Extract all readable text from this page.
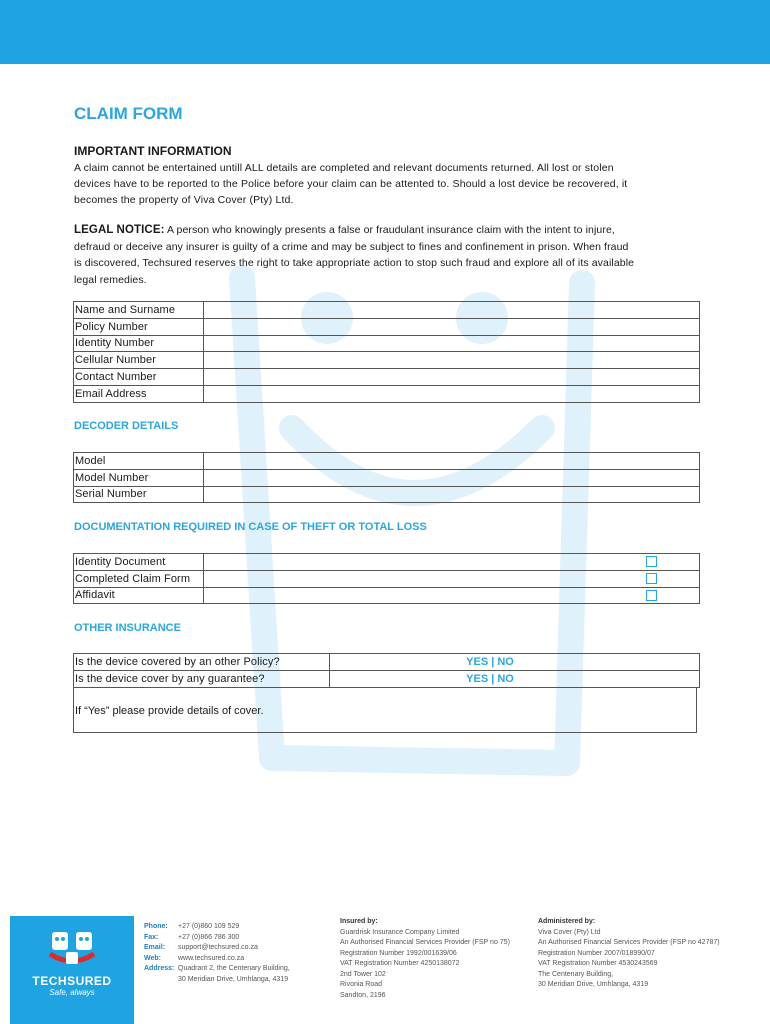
CLAIM FORM
IMPORTANT INFORMATION
A claim cannot be entertained untill ALL details are completed and relevant documents returned. All lost or stolen
devices have to be reported to the Police before your claim can be attented to. Should a lost device be recovered, it
becomes the property of Viva Cover (Pty) Ltd.
LEGAL NOTICE: A person who knowingly presents a false or fraudulant insurance claim with the intent to injure,
defraud or deceive any insurer is guilty of a crime and may be subject to fines and confinement in prison. When fraud
is discovered, Techsured reserves the right to take appropriate action to stop such fraud and explore all of its available
legal remedies.
Name and Surname	
Policy Number	
Identity Number	
Cellular Number	
Contact Number	
Email Address	
DECODER DETAILS
Model	
Model Number	
Serial Number	
DOCUMENTATION REQUIRED IN CASE OF THEFT OR TOTAL LOSS
Identity Document	

Completed Claim Form	

Affidavit	
OTHER INSURANCE
Is the device covered by an other Policy?	YES | NO

Is the device cover by any guarantee?	YES | NO
If “Yes” please provide details of cover.
TECHSURED
Safe, always
Phone: +27 (0)860 109 529
Fax:	+27 (0)866 786 300
Email: support@techsured.co.za
Web: www.techsured.co.za
Address: Quadrant 2, the Centenary Building,
30 Meridian Drive, Umhlanga, 4319
Insured by:
Guardrisk Insurance Company Limited
An Authorised Financial Services Provider (FSP no 75)
Registration Number 1992/001639/06
VAT Registration Number 4250138072
2nd Tower 102
Rivonia Road
Sandton, 2196
Administered by:
Viva Cover (Pty) Ltd
An Authorised Financial Services Provider (FSP no 42787)
Registration Number 2007/018990/07
VAT Registration Number 4530243569
The Centenary Building,
30 Meridian Drive, Umhlanga, 4319
